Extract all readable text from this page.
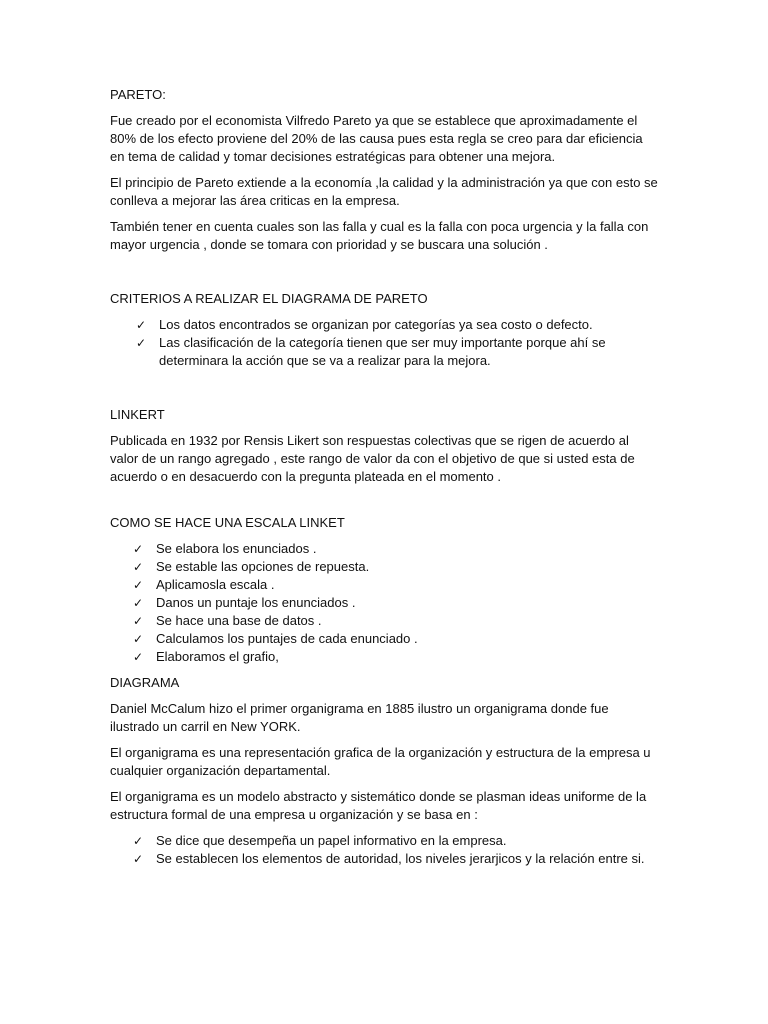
PARETO:

Fue creado por el economista Vilfredo Pareto ya que se establece que aproximadamente el 80% de los efecto proviene del 20% de las causa pues esta regla se creo para dar eficiencia en tema de calidad y tomar decisiones estratégicas para obtener una mejora.

El principio de Pareto extiende a la economía ,la calidad y la administración ya que con esto se conlleva a mejorar las área criticas en la empresa.

También tener en cuenta cuales son las falla y cual es la falla con poca urgencia y la falla con mayor urgencia , donde se tomara con prioridad y se buscara una solución .

CRITERIOS A REALIZAR EL DIAGRAMA DE PARETO
✓ Los datos encontrados se organizan por categorías ya sea costo o defecto.
✓ Las clasificación de la categoría tienen que ser muy importante porque ahí se determinara la acción que se va a realizar para la mejora.
LINKERT

Publicada en 1932 por Rensis Likert son respuestas colectivas que se rigen de acuerdo al valor de un rango agregado , este rango de valor da con el objetivo de que si usted esta de acuerdo o en desacuerdo con la pregunta plateada en el momento .

COMO SE HACE UNA ESCALA LINKET
✓ Se elabora los enunciados .
✓ Se estable las opciones de repuesta.
✓ Aplicamosla escala .
✓ Danos un puntaje los enunciados .
✓ Se hace una base de datos .
✓ Calculamos los puntajes de cada enunciado .
✓ Elaboramos el grafio,
DIAGRAMA

Daniel McCalum hizo el primer organigrama en 1885 ilustro un organigrama donde fue ilustrado un carril en New YORK.

El organigrama es una representación grafica de la organización y estructura de la empresa u cualquier organización departamental.

El organigrama es un modelo abstracto y sistemático donde se plasman ideas uniforme de la estructura formal de una empresa u organización y se basa en :

✓ Se dice que desempeña un papel informativo en la empresa.
✓ Se establecen los elementos de autoridad, los niveles jerarjicos y la relación entre si.
